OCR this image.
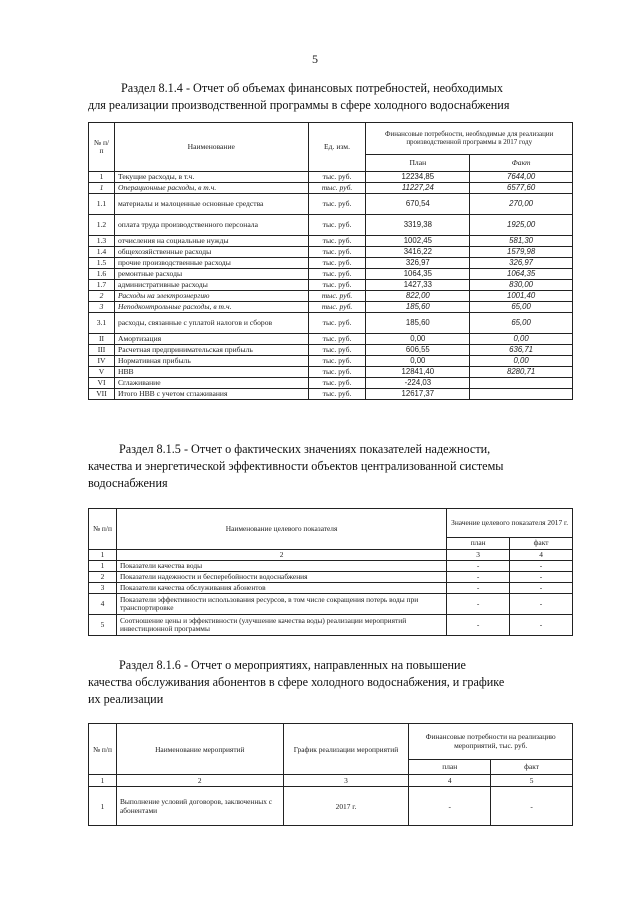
5
Раздел 8.1.4 - Отчет об объемах финансовых потребностей, необходимых
для реализации производственной программы в сфере холодного водоснабжения
№ п/п	Наименование	Ед. изм.	Финансовые потребности, необходимые для реализации производственной программы в 2017 году	
			План	Факт
1	Текущие расходы, в т.ч.	тыс. руб.	12234,85	7644,00
1	Операционные расходы, в т.ч.	тыс. руб.	11227,24	6577,60
1.1	материалы и малоценные основные средства	тыс. руб.	670,54	270,00
1.2	оплата труда производственного персонала	тыс. руб.	3319,38	1925,00
1.3	отчисления на социальные нужды	тыс. руб.	1002,45	581,30
1.4	общехозяйственные расходы	тыс. руб.	3416,22	1579,98
1.5	прочие производственные расходы	тыс. руб.	326,97	326,97
1.6	ремонтные расходы	тыс. руб.	1064,35	1064,35
1.7	административные расходы	тыс. руб.	1427,33	830,00
2	Расходы на электроэнергию	тыс. руб.	822,00	1001,40
3	Неподконтрольные расходы, в т.ч.	тыс. руб.	185,60	65,00
3.1	расходы, связанные с уплатой налогов и сборов	тыс. руб.	185,60	65,00
II	Амортизация	тыс. руб.	0,00	0,00
III	Расчетная предпринимательская прибыль	тыс. руб.	606,55	636,71
IV	Нормативная прибыль	тыс. руб.	0,00	0,00
V	НВВ	тыс. руб.	12841,40	8280,71
VI	Сглаживание	тыс. руб.	-224,03	
VII	Итого НВВ с учетом сглаживания	тыс. руб.	12617,37	
Раздел 8.1.5 - Отчет о фактических значениях показателей надежности,
качества и энергетической эффективности объектов централизованной системы
водоснабжения
№ п/п	Наименование целевого показателя	Значение целевого показателя 2017 г.	
		план	факт
1	2	3	4
1	Показатели качества воды	-	-
2	Показатели надежности и бесперебойности водоснабжения	-	-
3	Показатели качества обслуживания абонентов	-	-
4	Показатели эффективности использования ресурсов, в том числе сокращения потерь воды при транспортировке	-	-
5	Соотношение цены и эффективности (улучшение качества воды) реализации мероприятий инвестиционной программы	-	-
Раздел 8.1.6 - Отчет о мероприятиях, направленных на повышение
качества обслуживания абонентов в сфере холодного водоснабжения, и графике
их реализации
№ п/п	Наименование мероприятий	График реализации мероприятий	Финансовые потребности на реализацию мероприятий, тыс. руб.	
			план	факт
1	2	3	4	5
1	Выполнение условий договоров, заключенных с абонентами	2017 г.	-	-
